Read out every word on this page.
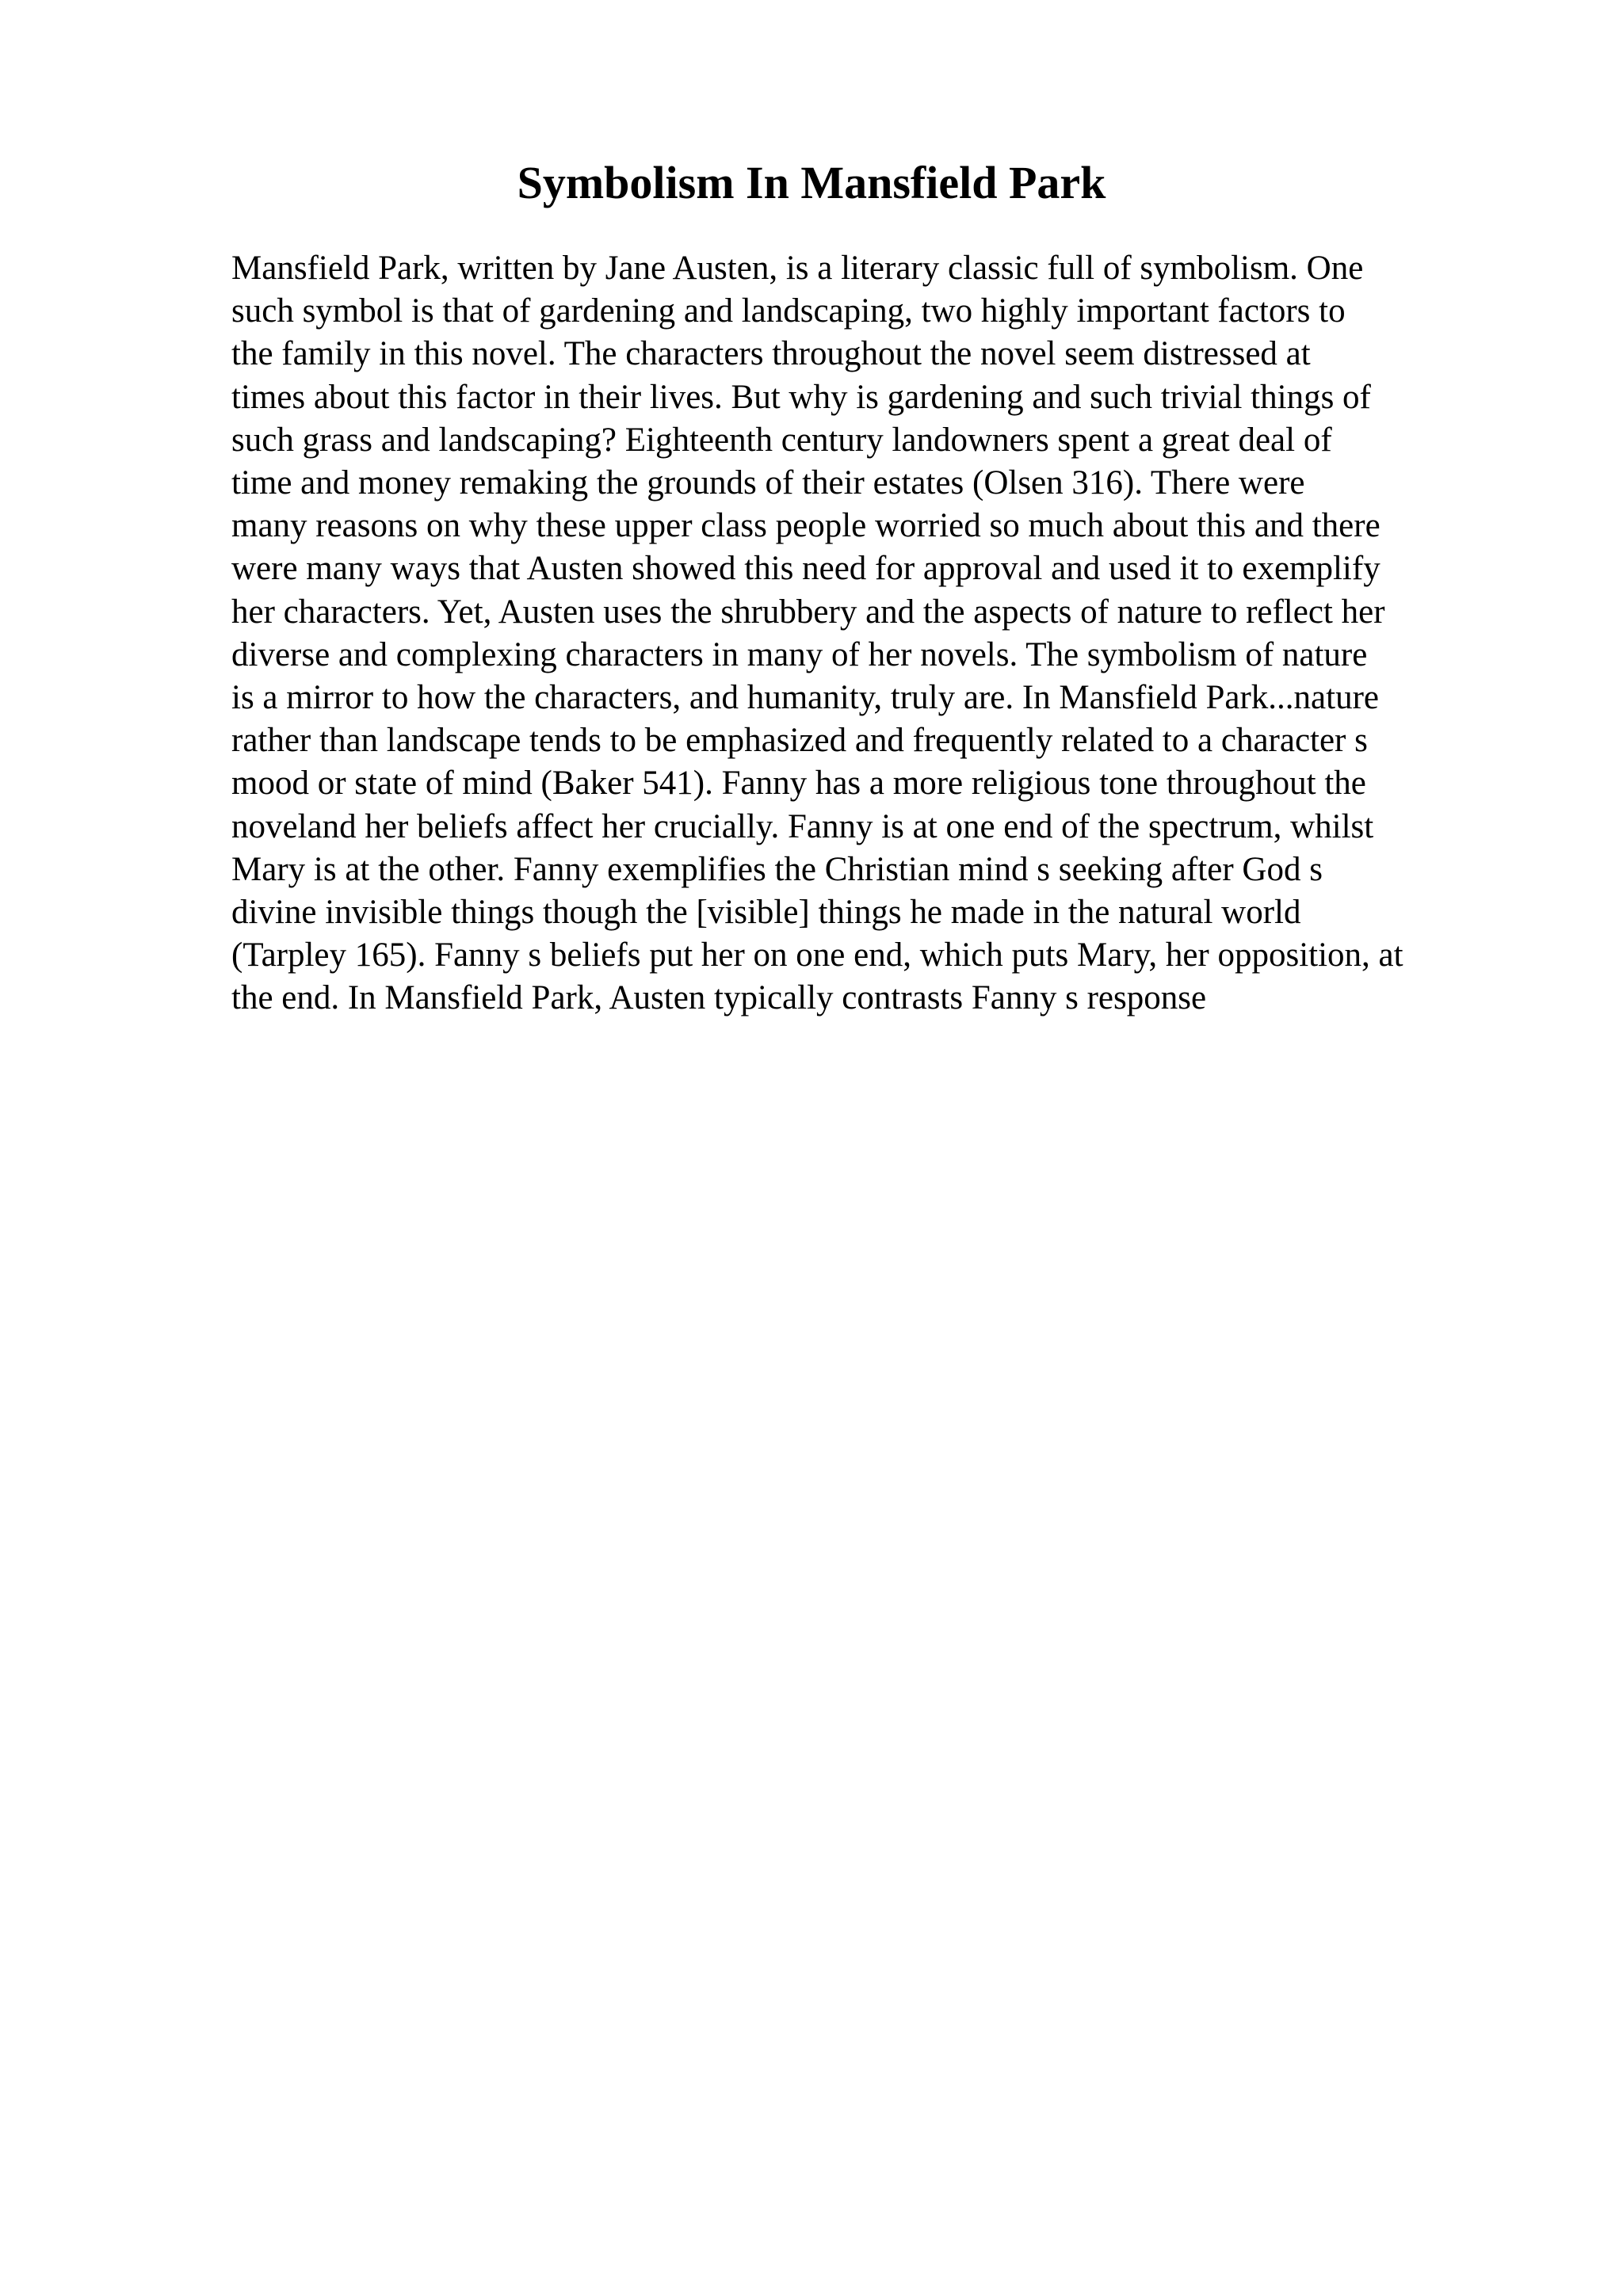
Symbolism In Mansfield Park
Mansfield Park, written by Jane Austen, is a literary classic full of symbolism. One
such symbol is that of gardening and landscaping, two highly important factors to
the family in this novel. The characters throughout the novel seem distressed at
times about this factor in their lives. But why is gardening and such trivial things of
such grass and landscaping? Eighteenth century landowners spent a great deal of
time and money remaking the grounds of their estates (Olsen 316). There were
many reasons on why these upper class people worried so much about this and there
were many ways that Austen showed this need for approval and used it to exemplify
her characters. Yet, Austen uses the shrubbery and the aspects of nature to reflect her
diverse and complexing characters in many of her novels. The symbolism of nature
is a mirror to how the characters, and humanity, truly are. In Mansfield Park...nature
rather than landscape tends to be emphasized and frequently related to a character s
mood or state of mind (Baker 541). Fanny has a more religious tone throughout the
noveland her beliefs affect her crucially. Fanny is at one end of the spectrum, whilst
Mary is at the other. Fanny exemplifies the Christian mind s seeking after God s
divine invisible things though the [visible] things he made in the natural world
(Tarpley 165). Fanny s beliefs put her on one end, which puts Mary, her opposition, at
the end. In Mansfield Park, Austen typically contrasts Fanny s response
